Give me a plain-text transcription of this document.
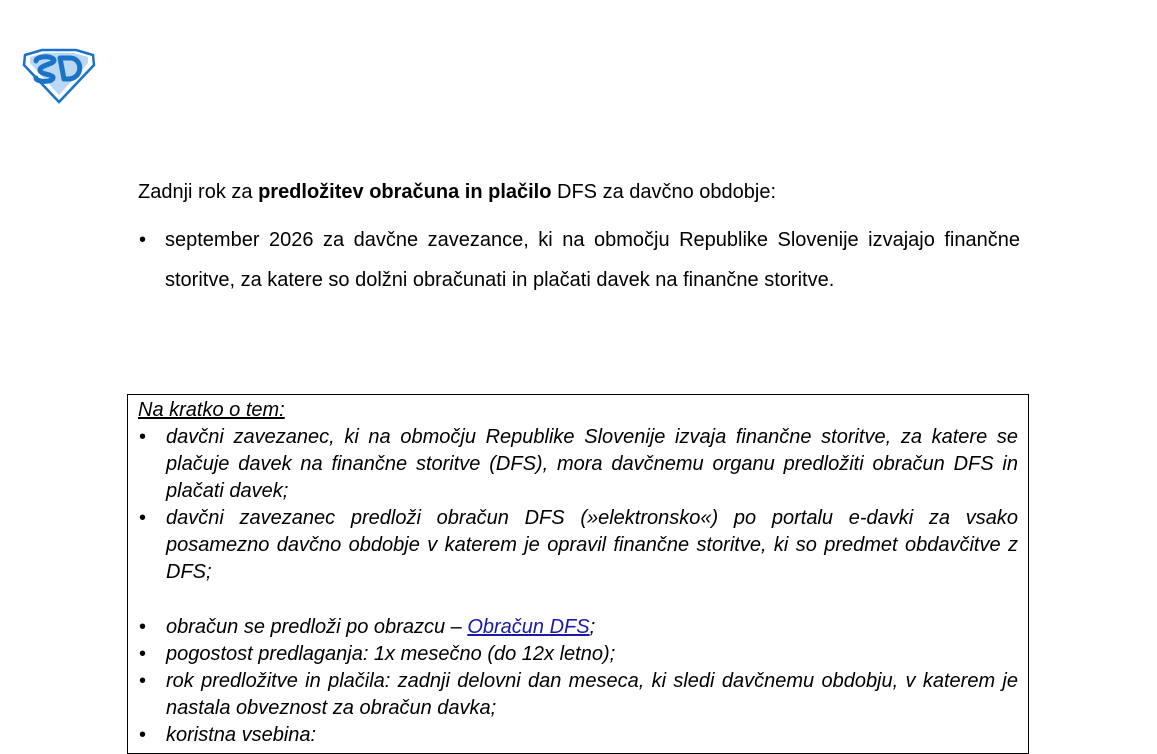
Zadnji rok za predložitev obračuna in plačilo DFS za davčno obdobje:
• september 2026 za davčne zavezance, ki na območju Republike Slovenije izvajajo finančne storitve, za katere so dolžni obračunati in plačati davek na finančne storitve.
Na kratko o tem:
• davčni zavezanec, ki na območju Republike Slovenije izvaja finančne storitve, za katere se plačuje davek na finančne storitve (DFS), mora davčnemu organu predložiti obračun DFS in plačati davek;
• davčni zavezanec predloži obračun DFS (»elektronsko«) po portalu e-davki za vsako posamezno davčno obdobje v katerem je opravil finančne storitve, ki so predmet obdavčitve z DFS;
• obračun se predloži po obrazcu – Obračun DFS;
• pogostost predlaganja: 1x mesečno (do 12x letno);
• rok predložitve in plačila: zadnji delovni dan meseca, ki sledi davčnemu obdobju, v katerem je nastala obveznost za obračun davka;
• koristna vsebina:
